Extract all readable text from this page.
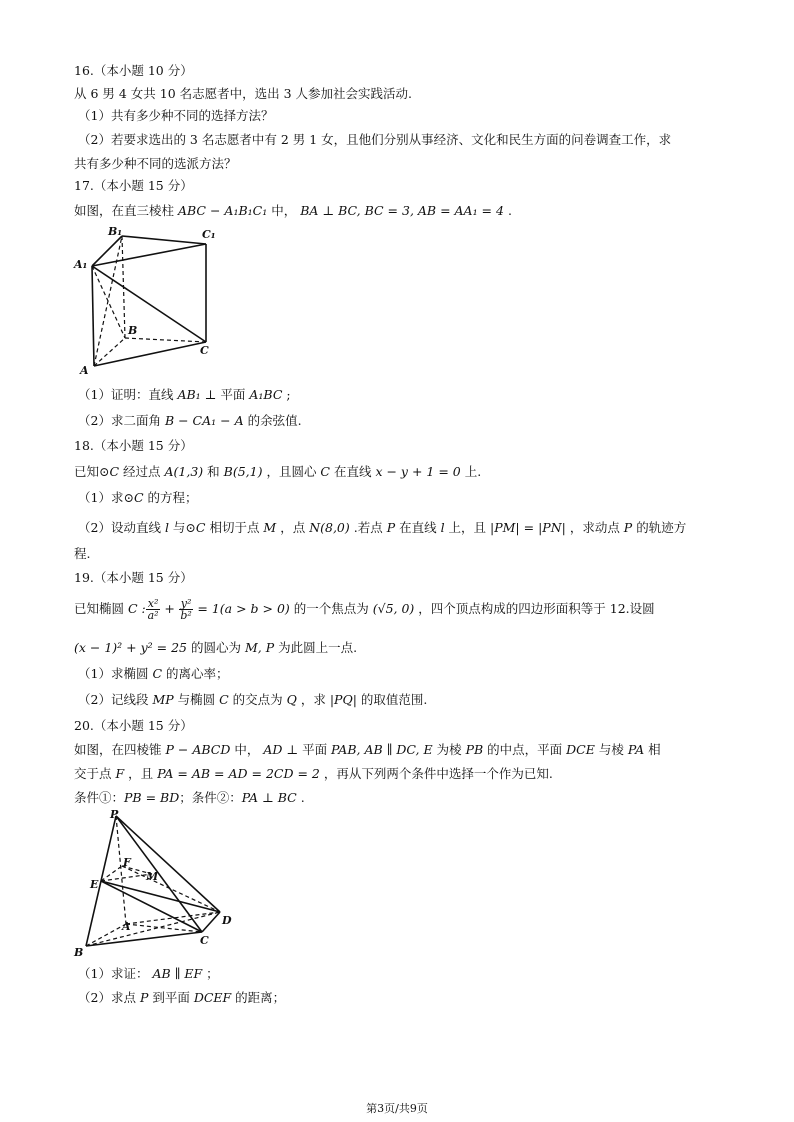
16.（本小题 10 分）
从 6 男 4 女共 10 名志愿者中，选出 3 人参加社会实践活动.
（1）共有多少种不同的选择方法？
（2）若要求选出的 3 名志愿者中有 2 男 1 女，且他们分别从事经济、文化和民生方面的问卷调查工作，求
共有多少种不同的选派方法？
17.（本小题 15 分）
如图，在直三棱柱 ABC − A₁B₁C₁ 中， BA ⊥ BC, BC = 3, AB = AA₁ = 4 .
B₁	C₁
A₁
B
C
A
（1）证明：直线 AB₁ ⊥ 平面 A₁BC ;
（2）求二面角 B − CA₁ − A 的余弦值.
18.（本小题 15 分）
已知⊙C 经过点 A(1,3) 和 B(5,1) ，且圆心 C 在直线 x − y + 1 = 0 上.
（1）求⊙C 的方程；
（2）设动直线 l 与⊙C 相切于点 M ，点 N(8,0) .若点 P 在直线 l 上，且 |PM| = |PN| ，求动点 P 的轨迹方
程.
19.（本小题 15 分）
已知椭圆 C : $\frac{\text{x²}}{\text{a²}} + \frac{\text{y²}}{\text{b²}} = 1(a > b > 0)$ 的一个焦点为 (√5, 0) ，四个顶点构成的四边形面积等于 12.设圆
(x − 1)² + y² = 25 的圆心为 M, P 为此圆上一点.
（1）求椭圆 C 的离心率；
（2）记线段 MP 与椭圆 C 的交点为 Q ，求 |PQ| 的取值范围.
20.（本小题 15 分）
如图，在四棱锥 P − ABCD 中， AD ⊥ 平面 PAB, AB ∥ DC, E 为棱 PB 的中点，平面 DCE 与棱 PA 相
交于点 F ，且 PA = AB = AD = 2CD = 2 ，再从下列两个条件中选择一个作为已知.
条件①：PB = BD；条件②：PA ⊥ BC .
P
F
M
E
A	D
B
C
（1）求证： AB ∥ EF ；
（2）求点 P 到平面 DCEF 的距离；
第3页/共9页
